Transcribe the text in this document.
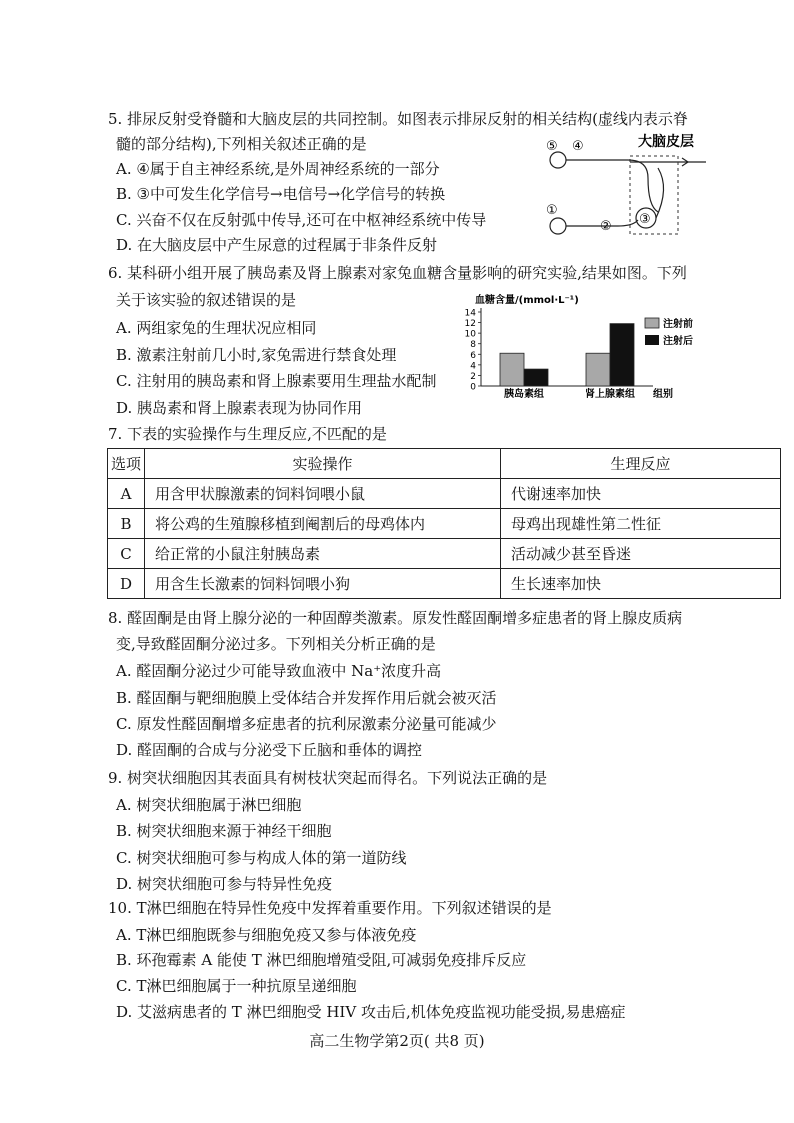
5. 排尿反射受脊髓和大脑皮层的共同控制。如图表示排尿反射的相关结构(虚线内表示脊
髓的部分结构),下列相关叙述正确的是
A. ④属于自主神经系统,是外周神经系统的一部分
B. ③中可发生化学信号→电信号→化学信号的转换
C. 兴奋不仅在反射弧中传导,还可在中枢神经系统中传导
D. 在大脑皮层中产生尿意的过程属于非条件反射
大脑皮层
⑤ ④
①
② ③
6. 某科研小组开展了胰岛素及肾上腺素对家兔血糖含量影响的研究实验,结果如图。下列
关于该实验的叙述错误的是
A. 两组家兔的生理状况应相同
B. 激素注射前几小时,家兔需进行禁食处理
C. 注射用的胰岛素和肾上腺素要用生理盐水配制
D. 胰岛素和肾上腺素表现为协同作用
血糖含量/(mmol·L⁻¹)
0
2
4
6
8
10
12
14
胰岛素组	肾上腺素组 组别
注射前
注射后
7. 下表的实验操作与生理反应,不匹配的是
选项	实验操作	生理反应
A	用含甲状腺激素的饲料饲喂小鼠	代谢速率加快
B	将公鸡的生殖腺移植到阉割后的母鸡体内	母鸡出现雄性第二性征
C	给正常的小鼠注射胰岛素	活动减少甚至昏迷
D	用含生长激素的饲料饲喂小狗	生长速率加快
8. 醛固酮是由肾上腺分泌的一种固醇类激素。原发性醛固酮增多症患者的肾上腺皮质病
变,导致醛固酮分泌过多。下列相关分析正确的是
A. 醛固酮分泌过少可能导致血液中 Na⁺浓度升高
B. 醛固酮与靶细胞膜上受体结合并发挥作用后就会被灭活
C. 原发性醛固酮增多症患者的抗利尿激素分泌量可能减少
D. 醛固酮的合成与分泌受下丘脑和垂体的调控
9. 树突状细胞因其表面具有树枝状突起而得名。下列说法正确的是
A. 树突状细胞属于淋巴细胞
B. 树突状细胞来源于神经干细胞
C. 树突状细胞可参与构成人体的第一道防线
D. 树突状细胞可参与特异性免疫
10. T淋巴细胞在特异性免疫中发挥着重要作用。下列叙述错误的是
A. T淋巴细胞既参与细胞免疫又参与体液免疫
B. 环孢霉素 A 能使 T 淋巴细胞增殖受阻,可减弱免疫排斥反应
C. T淋巴细胞属于一种抗原呈递细胞
D. 艾滋病患者的 T 淋巴细胞受 HIV 攻击后,机体免疫监视功能受损,易患癌症
高二生物学第2页( 共8 页)
